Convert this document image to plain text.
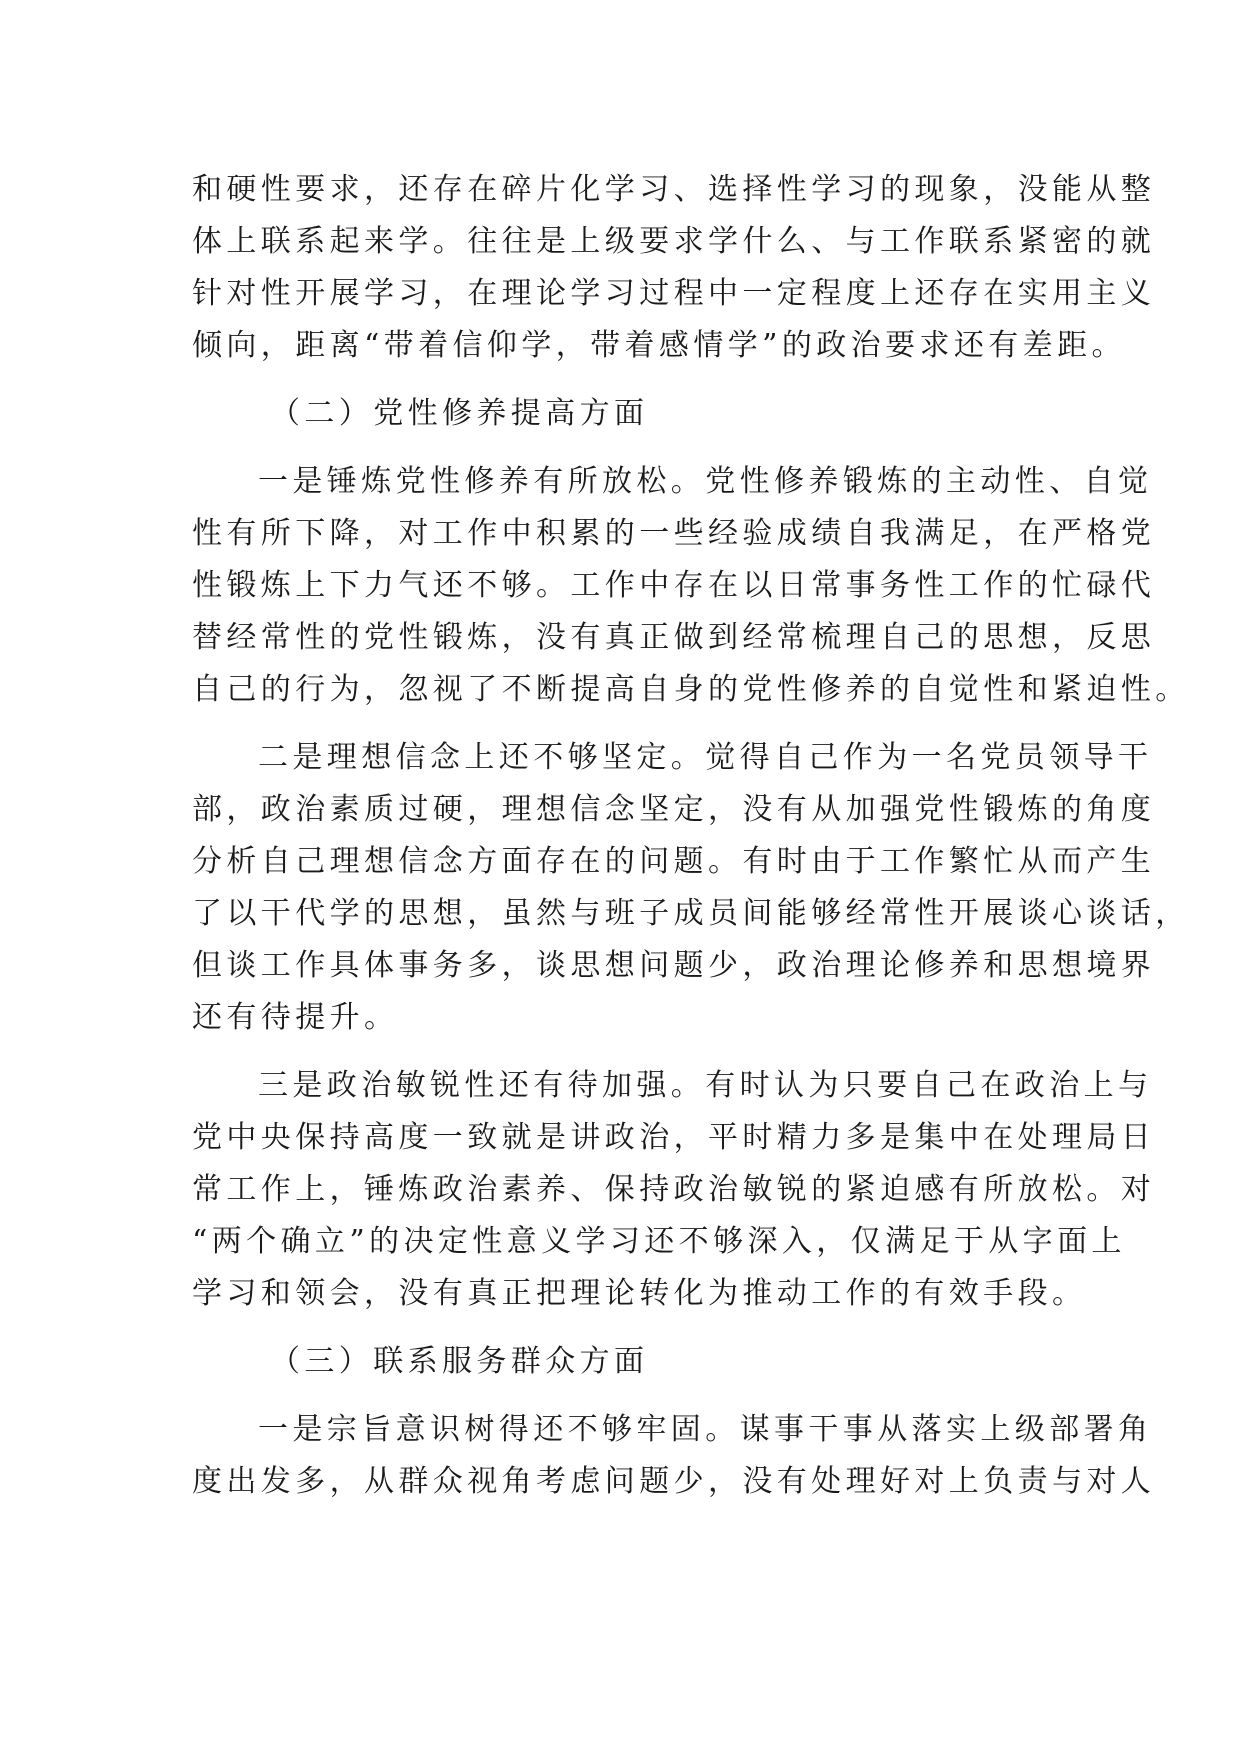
和硬性要求，还存在碎片化学习、选择性学习的现象，没能从整
体上联系起来学。往往是上级要求学什么、与工作联系紧密的就
针对性开展学习，在理论学习过程中一定程度上还存在实用主义
倾向，距离“带着信仰学，带着感情学”的政治要求还有差距。
（二）党性修养提高方面
一是锤炼党性修养有所放松。党性修养锻炼的主动性、自觉
性有所下降，对工作中积累的一些经验成绩自我满足，在严格党
性锻炼上下力气还不够。工作中存在以日常事务性工作的忙碌代
替经常性的党性锻炼，没有真正做到经常梳理自己的思想，反思
自己的行为，忽视了不断提高自身的党性修养的自觉性和紧迫性。
二是理想信念上还不够坚定。觉得自己作为一名党员领导干
部，政治素质过硬，理想信念坚定，没有从加强党性锻炼的角度
分析自己理想信念方面存在的问题。有时由于工作繁忙从而产生
了以干代学的思想，虽然与班子成员间能够经常性开展谈心谈话，
但谈工作具体事务多，谈思想问题少，政治理论修养和思想境界
还有待提升。
三是政治敏锐性还有待加强。有时认为只要自己在政治上与
党中央保持高度一致就是讲政治，平时精力多是集中在处理局日
常工作上，锤炼政治素养、保持政治敏锐的紧迫感有所放松。对
“两个确立”的决定性意义学习还不够深入，仅满足于从字面上
学习和领会，没有真正把理论转化为推动工作的有效手段。
（三）联系服务群众方面
一是宗旨意识树得还不够牢固。谋事干事从落实上级部署角
度出发多，从群众视角考虑问题少，没有处理好对上负责与对人
